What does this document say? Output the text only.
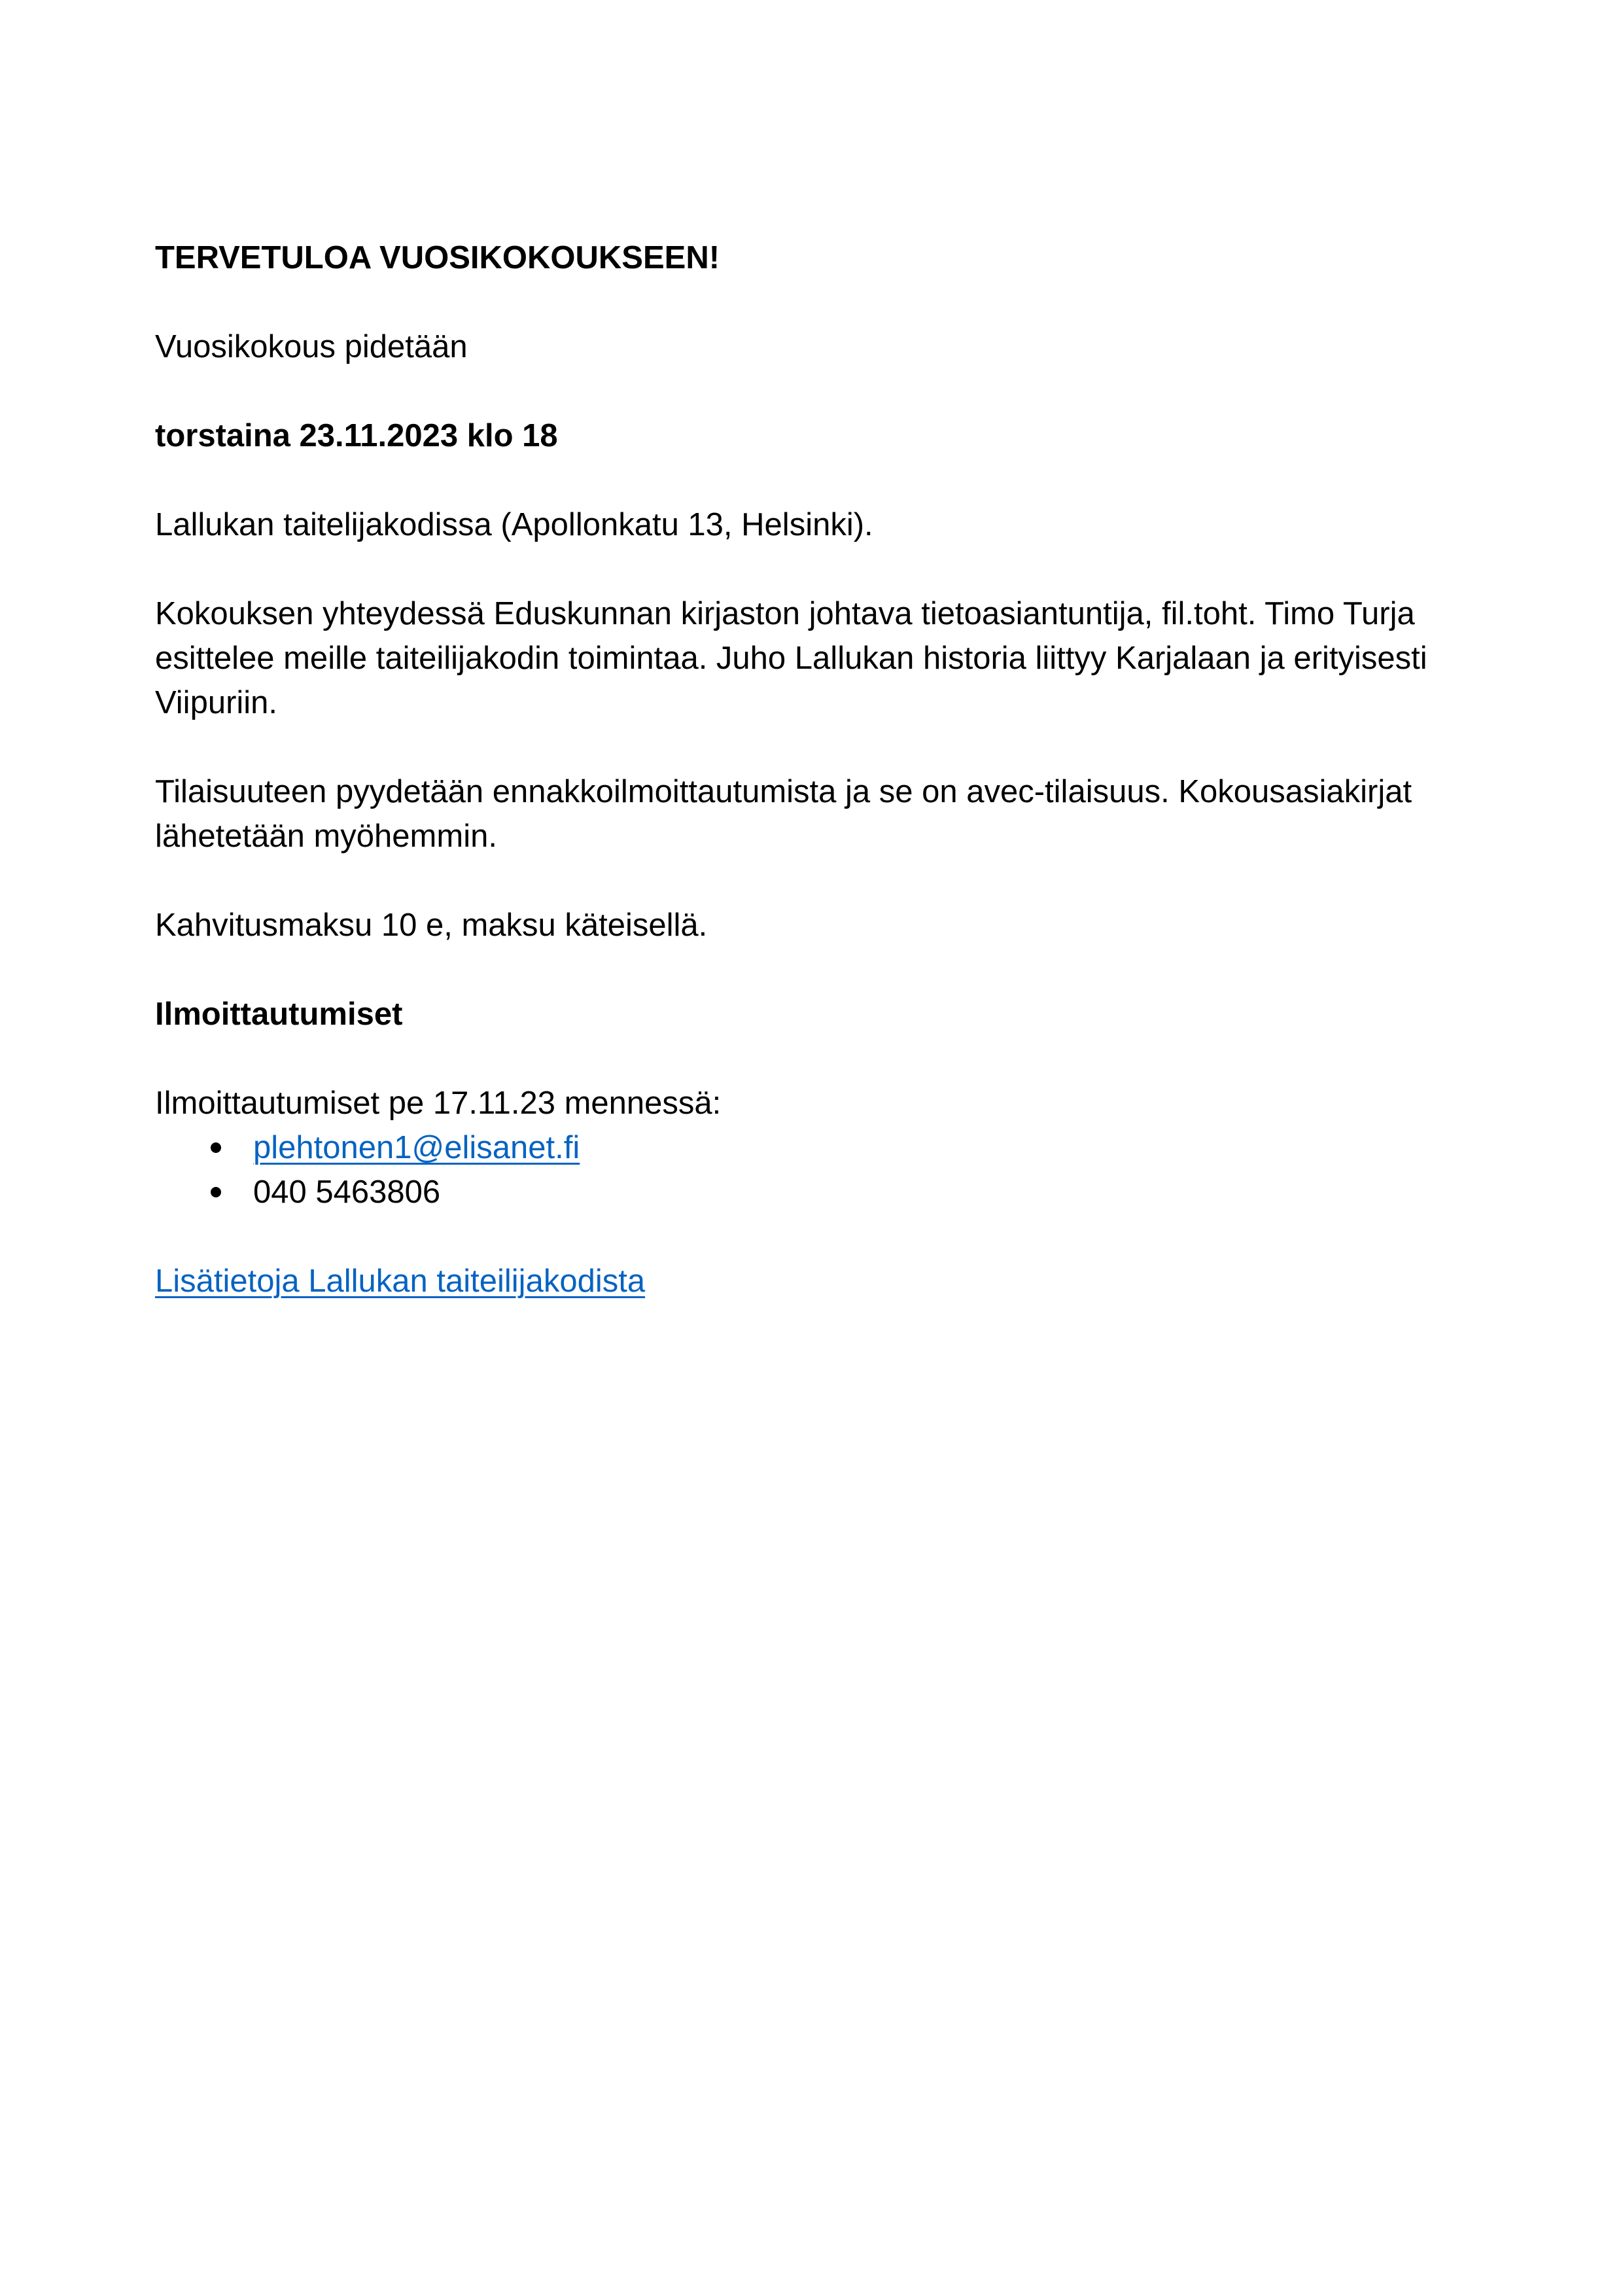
TERVETULOA VUOSIKOKOUKSEEN!

Vuosikokous pidetään

torstaina 23.11.2023 klo 18

Lallukan taitelijakodissa (Apollonkatu 13, Helsinki).

Kokouksen yhteydessä Eduskunnan kirjaston johtava tietoasiantuntija, fil.toht. Timo Turja esittelee meille taiteilijakodin toimintaa. Juho Lallukan historia liittyy Karjalaan ja erityisesti Viipuriin.

Tilaisuuteen pyydetään ennakkoilmoittautumista ja se on avec-tilaisuus. Kokousasiakirjat lähetetään myöhemmin.

Kahvitusmaksu 10 e, maksu käteisellä.

Ilmoittautumiset

Ilmoittautumiset pe 17.11.23 mennessä:

plehtonen1@elisanet.fi
040 5463806

Lisätietoja Lallukan taiteilijakodista
